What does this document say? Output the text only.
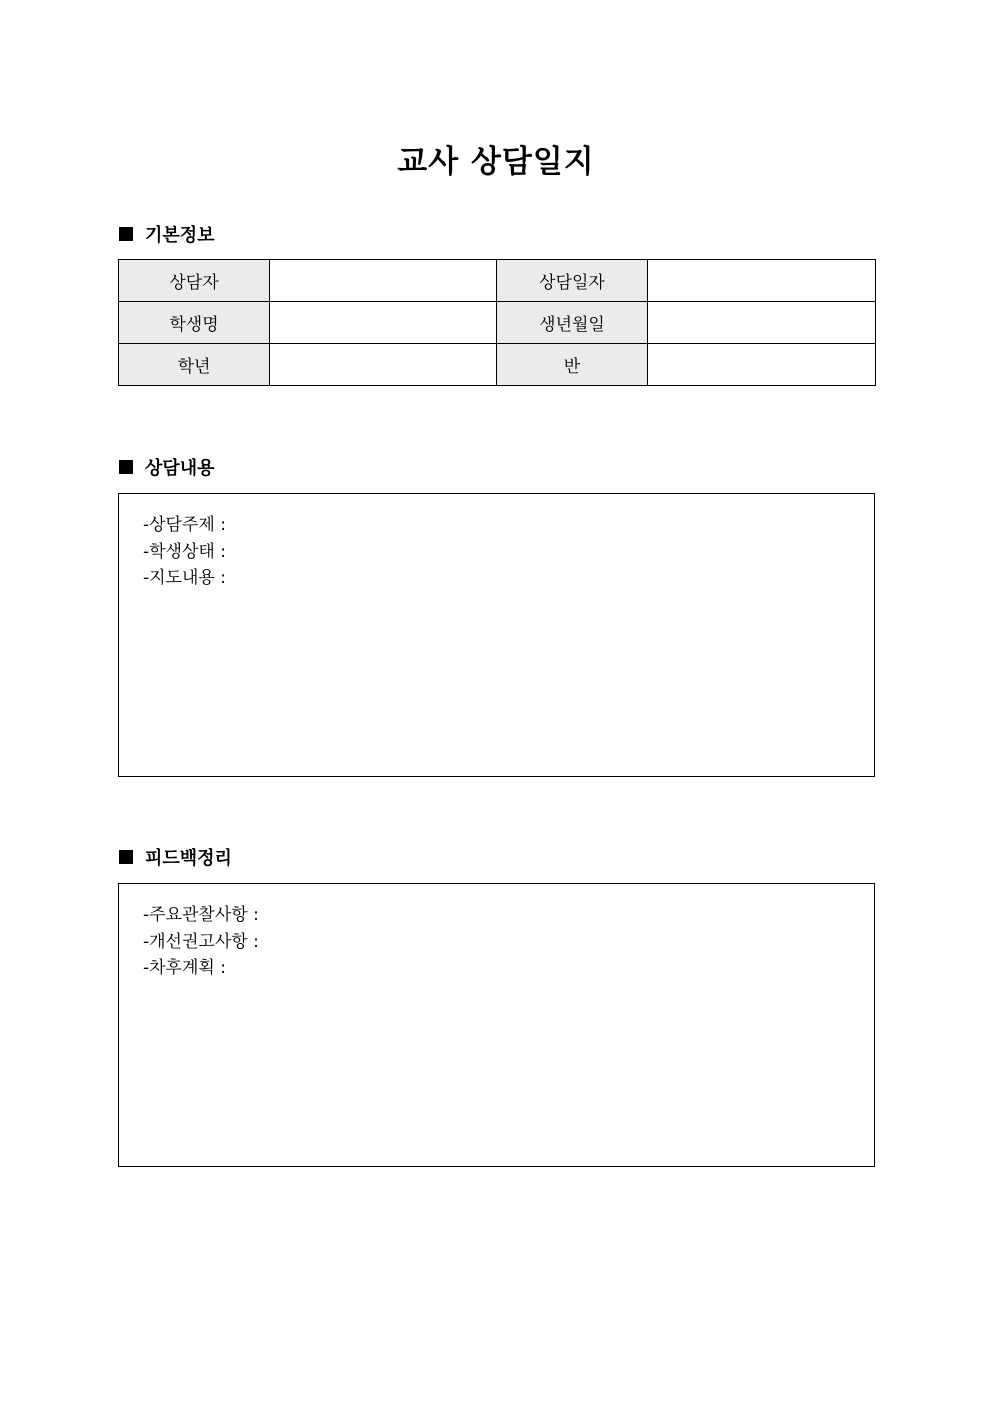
교사 상담일지
기본정보
상담자		상담일자	
학생명		생년월일	
학년		반	
상담내용
-상담주제 :
-학생상태 :
-지도내용 :
피드백정리
-주요관찰사항 :
-개선권고사항 :
-차후계획 :
